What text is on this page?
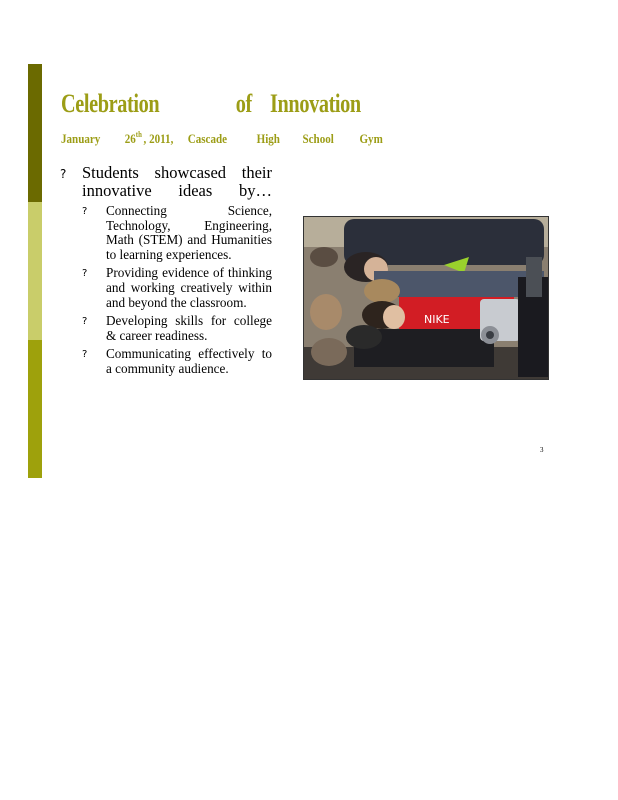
Celebration	of Innovation
January 26th , 2011, Cascade High School Gym
? Students showcased their innovative ideas by…
? Connecting Science, Technology, Engineering, Math (STEM) and Humanities to learning experiences.
? Providing evidence of thinking and working creatively within and beyond the classroom.
? Developing skills for college & career readiness.
? Communicating effectively to a community audience.
NIKE
3
